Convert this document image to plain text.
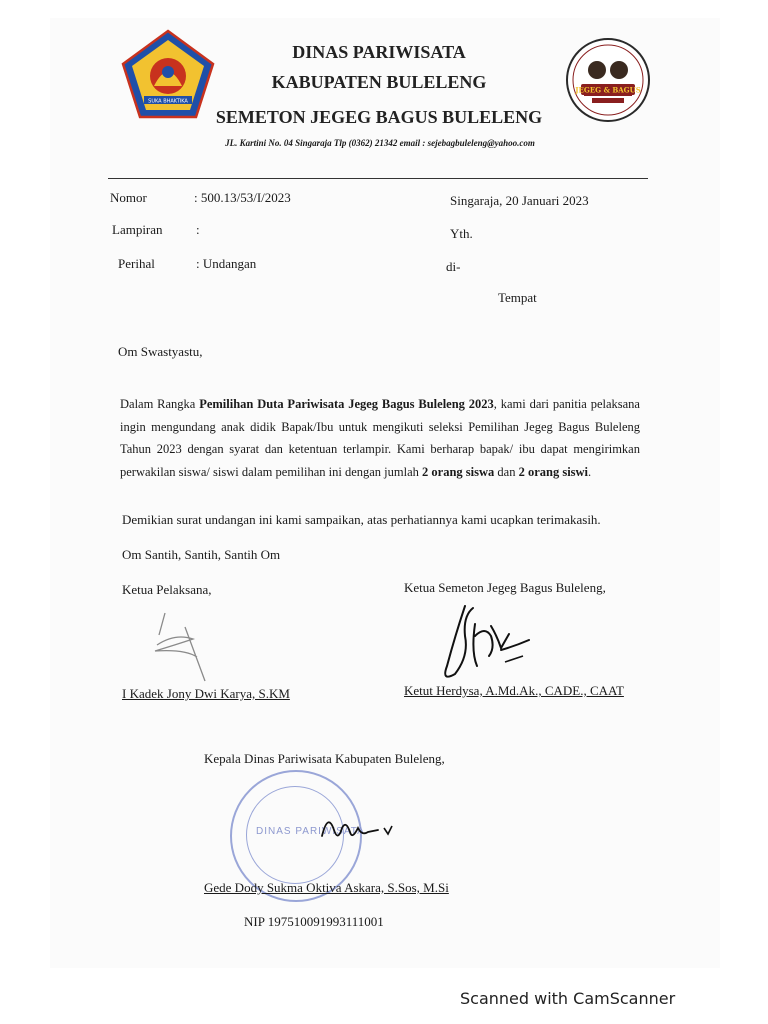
SUKA BHAKTIKA
JEGEG & BAGUS
DINAS PARIWISATA
KABUPATEN BULELENG
SEMETON JEGEG BAGUS BULELENG
JL. Kartini No. 04 Singaraja Tlp (0362) 21342 email : sejebagbuleleng@yahoo.com
Nomor	: 500.13/53/I/2023	Singaraja, 20 Januari 2023
Lampiran	:	Yth.
Perihal	: Undangan	di-
Tempat
Om Swastyastu,
Dalam Rangka Pemilihan Duta Pariwisata Jegeg Bagus Buleleng 2023, kami dari panitia pelaksana ingin mengundang anak didik Bapak/Ibu untuk mengikuti seleksi Pemilihan Jegeg Bagus Buleleng Tahun 2023 dengan syarat dan ketentuan terlampir. Kami berharap bapak/ ibu dapat mengirimkan perwakilan siswa/ siswi dalam pemilihan ini dengan jumlah 2 orang siswa dan 2 orang siswi.
Demikian surat undangan ini kami sampaikan, atas perhatiannya kami ucapkan terimakasih.
Om Santih, Santih, Santih Om
Ketua Pelaksana,	Ketua Semeton Jegeg Bagus Buleleng,
I Kadek Jony Dwi Karya, S.KM	Ketut Herdysa, A.Md.Ak., CADE., CAAT
Kepala Dinas Pariwisata Kabupaten Buleleng,
DINAS PARIWISATA
Gede Dody Sukma Oktiva Askara, S.Sos, M.Si
NIP 197510091993111001
Scanned with CamScanner
